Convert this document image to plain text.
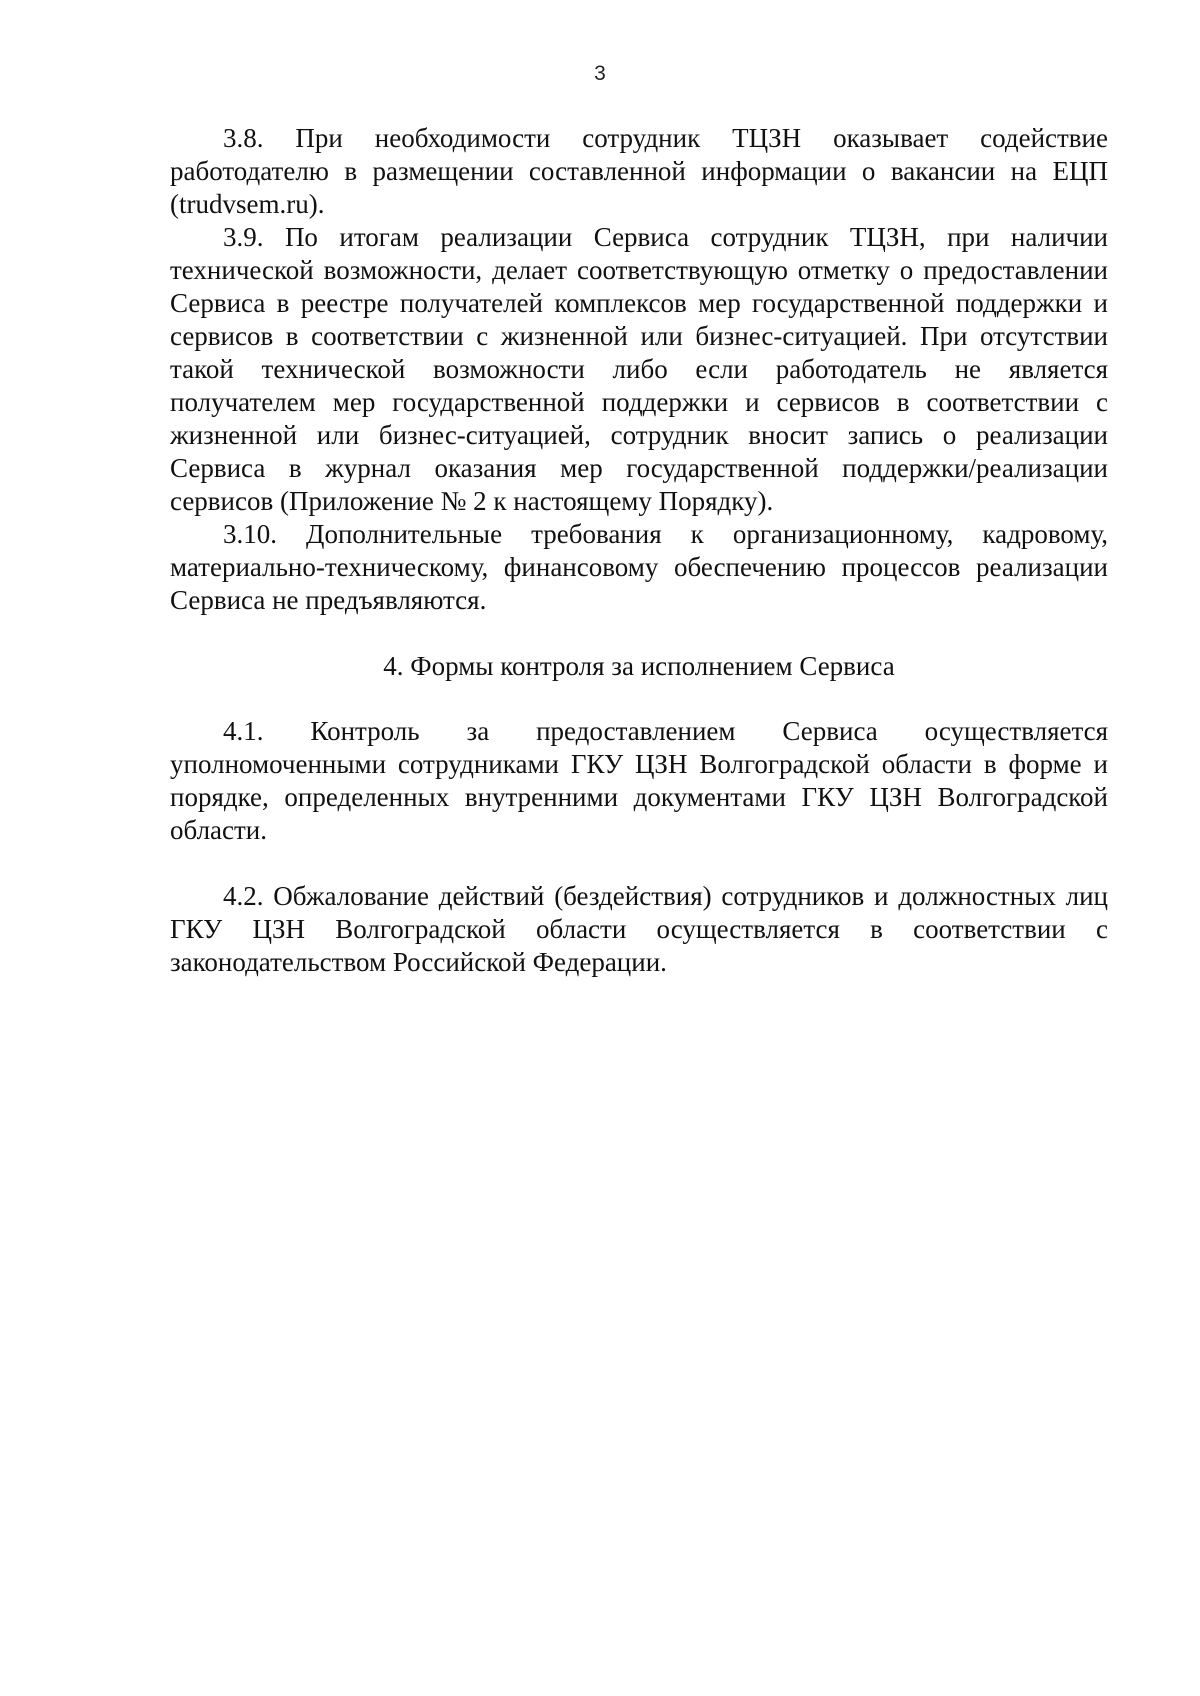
3

3.8. При необходимости сотрудник ТЦЗН оказывает содействие работодателю в размещении составленной информации о вакансии на ЕЦП (trudvsem.ru).

3.9. По итогам реализации Сервиса сотрудник ТЦЗН, при наличии технической возможности, делает соответствующую отметку о предоставлении Сервиса в реестре получателей комплексов мер государственной поддержки и сервисов в соответствии с жизненной или бизнес-ситуацией. При отсутствии такой технической возможности либо если работодатель не является получателем мер государственной поддержки и сервисов в соответствии с жизненной или бизнес-ситуацией, сотрудник вносит запись о реализации Сервиса в журнал оказания мер государственной поддержки/реализации сервисов (Приложение № 2 к настоящему Порядку).

3.10. Дополнительные требования к организационному, кадровому, материально-техническому, финансовому обеспечению процессов реализации Сервиса не предъявляются.

4. Формы контроля за исполнением Сервиса

4.1. Контроль за предоставлением Сервиса осуществляется уполномоченными сотрудниками ГКУ ЦЗН Волгоградской области в форме и порядке, определенных внутренними документами ГКУ ЦЗН Волгоградской области.

4.2. Обжалование действий (бездействия) сотрудников и должностных лиц ГКУ ЦЗН Волгоградской области осуществляется в соответствии с законодательством Российской Федерации.
